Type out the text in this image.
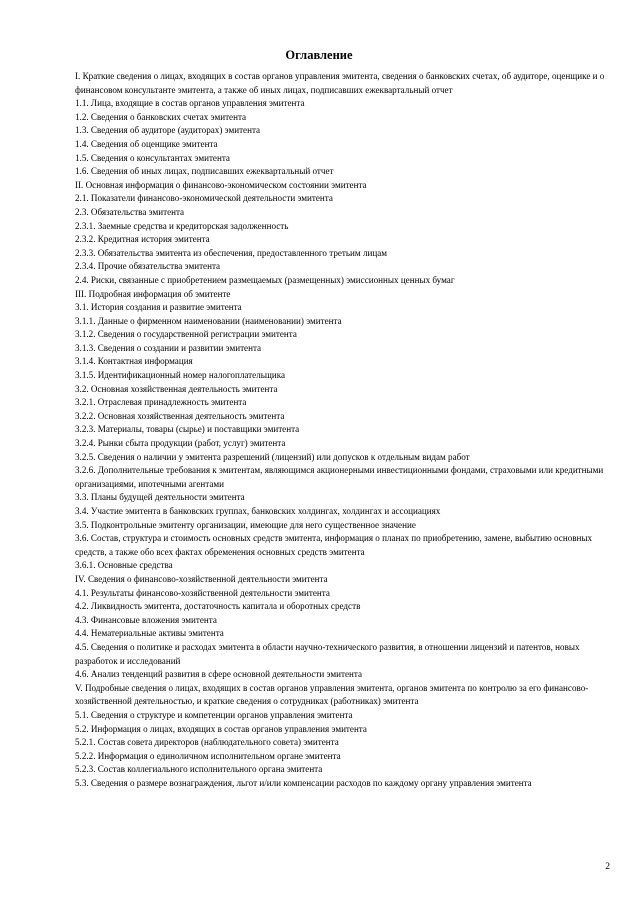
Оглавление
I. Краткие сведения о лицах, входящих в состав органов управления эмитента, сведения о банковских счетах, об аудиторе, оценщике и о финансовом консультанте эмитента, а также об иных лицах, подписавших ежеквартальный отчет
1.1. Лица, входящие в состав органов управления эмитента
1.2. Сведения о банковских счетах эмитента
1.3. Сведения об аудиторе (аудиторах) эмитента
1.4. Сведения об оценщике эмитента
1.5. Сведения о консультантах эмитента
1.6. Сведения об иных лицах, подписавших ежеквартальный отчет
II. Основная информация о финансово-экономическом состоянии эмитента
2.1. Показатели финансово-экономической деятельности эмитента
2.3. Обязательства эмитента
2.3.1. Заемные средства и кредиторская задолженность
2.3.2. Кредитная история эмитента
2.3.3. Обязательства эмитента из обеспечения, предоставленного третьим лицам
2.3.4. Прочие обязательства эмитента
2.4. Риски, связанные с приобретением размещаемых (размещенных) эмиссионных ценных бумаг
III. Подробная информация об эмитенте
3.1. История создания и развитие эмитента
3.1.1. Данные о фирменном наименовании (наименовании) эмитента
3.1.2. Сведения о государственной регистрации эмитента
3.1.3. Сведения о создании и развитии эмитента
3.1.4. Контактная информация
3.1.5. Идентификационный номер налогоплательщика
3.2. Основная хозяйственная деятельность эмитента
3.2.1. Отраслевая принадлежность эмитента
3.2.2. Основная хозяйственная деятельность эмитента
3.2.3. Материалы, товары (сырье) и поставщики эмитента
3.2.4. Рынки сбыта продукции (работ, услуг) эмитента
3.2.5. Сведения о наличии у эмитента разрешений (лицензий) или допусков к отдельным видам работ
3.2.6. Дополнительные требования к эмитентам, являющимся акционерными инвестиционными фондами, страховыми или кредитными организациями, ипотечными агентами
3.3. Планы будущей деятельности эмитента
3.4. Участие эмитента в банковских группах, банковских холдингах, холдингах и ассоциациях
3.5. Подконтрольные эмитенту организации, имеющие для него существенное значение
3.6. Состав, структура и стоимость основных средств эмитента, информация о планах по приобретению, замене, выбытию основных средств, а также обо всех фактах обременения основных средств эмитента
3.6.1. Основные средства
IV. Сведения о финансово-хозяйственной деятельности эмитента
4.1. Результаты финансово-хозяйственной деятельности эмитента
4.2. Ликвидность эмитента, достаточность капитала и оборотных средств
4.3. Финансовые вложения эмитента
4.4. Нематериальные активы эмитента
4.5. Сведения о политике и расходах эмитента в области научно-технического развития, в отношении лицензий и патентов, новых разработок и исследований
4.6. Анализ тенденций развития в сфере основной деятельности эмитента
V. Подробные сведения о лицах, входящих в состав органов управления эмитента, органов эмитента по контролю за его финансово-хозяйственной деятельностью, и краткие сведения о сотрудниках (работниках) эмитента
5.1. Сведения о структуре и компетенции органов управления эмитента
5.2. Информация о лицах, входящих в состав органов управления эмитента
5.2.1. Состав совета директоров (наблюдательного совета) эмитента
5.2.2. Информация о единоличном исполнительном органе эмитента
5.2.3. Состав коллегиального исполнительного органа эмитента
5.3. Сведения о размере вознаграждения, льгот и/или компенсации расходов по каждому органу управления эмитента
2
